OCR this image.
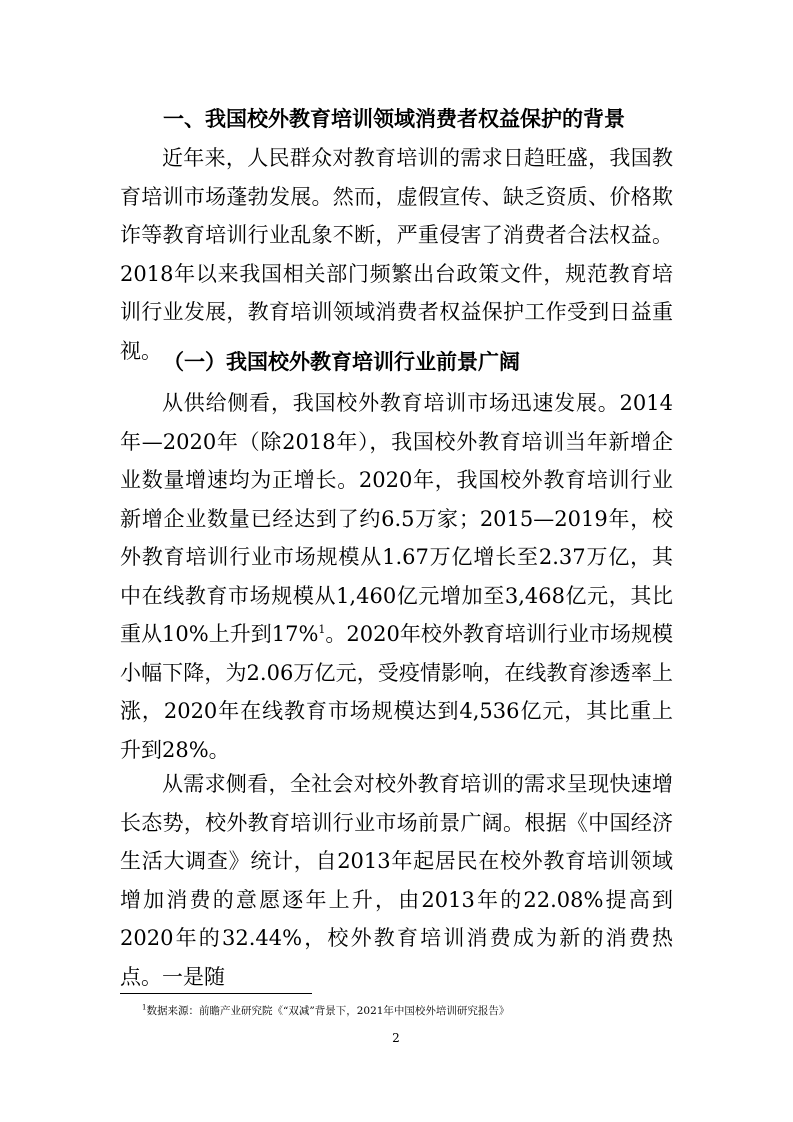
一、我国校外教育培训领域消费者权益保护的背景

近年来，人民群众对教育培训的需求日趋旺盛，我国教育培训市场蓬勃发展。然而，虚假宣传、缺乏资质、价格欺诈等教育培训行业乱象不断，严重侵害了消费者合法权益。2018年以来我国相关部门频繁出台政策文件，规范教育培训行业发展，教育培训领域消费者权益保护工作受到日益重视。 （一）我国校外教育培训行业前景广阔

从供给侧看，我国校外教育培训市场迅速发展。2014年—2020年（除2018年），我国校外教育培训当年新增企业数量增速均为正增长。2020年，我国校外教育培训行业新增企业数量已经达到了约6.5万家；2015—2019年，校外教育培训行业市场规模从1.67万亿增长至2.37万亿，其中在线教育市场规模从1,460亿元增加至3,468亿元，其比重从10%上升到17%$^1$。2020年校外教育培训行业市场规模小幅下降，为2.06万亿元，受疫情影响，在线教育渗透率上涨，2020年在线教育市场规模达到4,536亿元，其比重上升到28%。

从需求侧看，全社会对校外教育培训的需求呈现快速增长态势，校外教育培训行业市场前景广阔。根据《中国经济生活大调查》统计，自2013年起居民在校外教育培训领域增加消费的意愿逐年上升，由2013年的22.08%提高到2020年的32.44%，校外教育培训消费成为新的消费热点。一是随

$^1$数据来源：前瞻产业研究院《“双减”背景下，2021年中国校外培训研究报告》
2
